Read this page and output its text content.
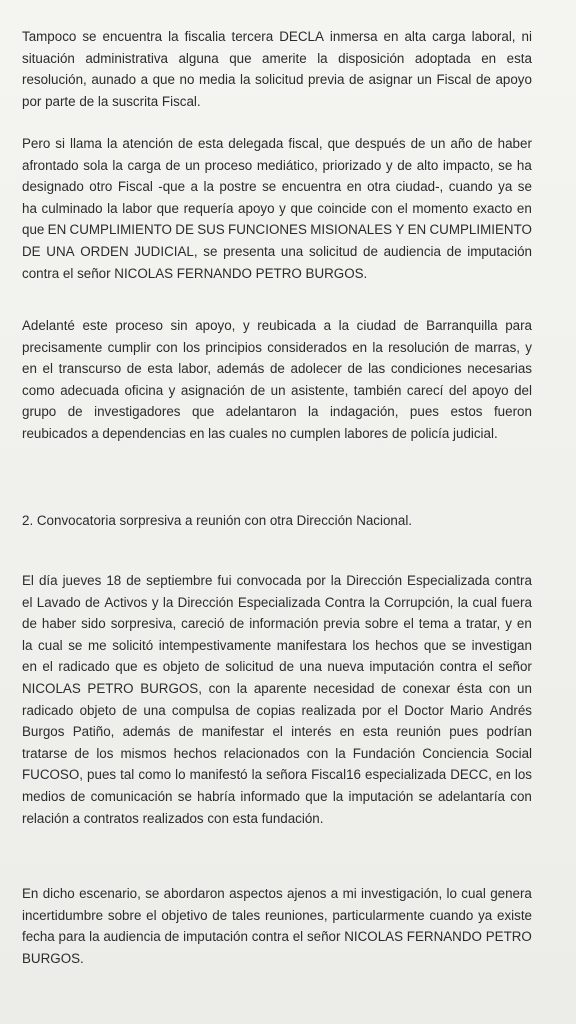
Tampoco se encuentra la fiscalia tercera DECLA inmersa en alta carga laboral, ni
situación administrativa alguna que amerite la disposición adoptada en esta
resolución, aunado a que no media la solicitud previa de asignar un Fiscal de apoyo
por parte de la suscrita Fiscal.
Pero si llama la atención de esta delegada fiscal, que después de un año de haber
afrontado sola la carga de un proceso mediático, priorizado y de alto impacto, se ha
designado otro Fiscal -que a la postre se encuentra en otra ciudad-, cuando ya se
ha culminado la labor que requería apoyo y que coincide con el momento exacto en
que EN CUMPLIMIENTO DE SUS FUNCIONES MISIONALES Y EN CUMPLIMIENTO
DE UNA ORDEN JUDICIAL, se presenta una solicitud de audiencia de imputación
contra el señor NICOLAS FERNANDO PETRO BURGOS.
Adelanté este proceso sin apoyo, y reubicada a la ciudad de Barranquilla para
precisamente cumplir con los principios considerados en la resolución de marras, y
en el transcurso de esta labor, además de adolecer de las condiciones necesarias
como adecuada oficina y asignación de un asistente, también carecí del apoyo del
grupo de investigadores que adelantaron la indagación, pues estos fueron
reubicados a dependencias en las cuales no cumplen labores de policía judicial.
2. Convocatoria sorpresiva a reunión con otra Dirección Nacional.
El día jueves 18 de septiembre fui convocada por la Dirección Especializada contra
el Lavado de Activos y la Dirección Especializada Contra la Corrupción, la cual fuera
de haber sido sorpresiva, careció de información previa sobre el tema a tratar, y en
la cual se me solicitó intempestivamente manifestara los hechos que se investigan
en el radicado que es objeto de solicitud de una nueva imputación contra el señor
NICOLAS PETRO BURGOS, con la aparente necesidad de conexar ésta con un
radicado objeto de una compulsa de copias realizada por el Doctor Mario Andrés
Burgos Patiño, además de manifestar el interés en esta reunión pues podrían
tratarse de los mismos hechos relacionados con la Fundación Conciencia Social
FUCOSO, pues tal como lo manifestó la señora Fiscal16 especializada DECC, en los
medios de comunicación se habría informado que la imputación se adelantaría con
relación a contratos realizados con esta fundación.
En dicho escenario, se abordaron aspectos ajenos a mi investigación, lo cual genera
incertidumbre sobre el objetivo de tales reuniones, particularmente cuando ya existe
fecha para la audiencia de imputación contra el señor NICOLAS FERNANDO PETRO
BURGOS.
